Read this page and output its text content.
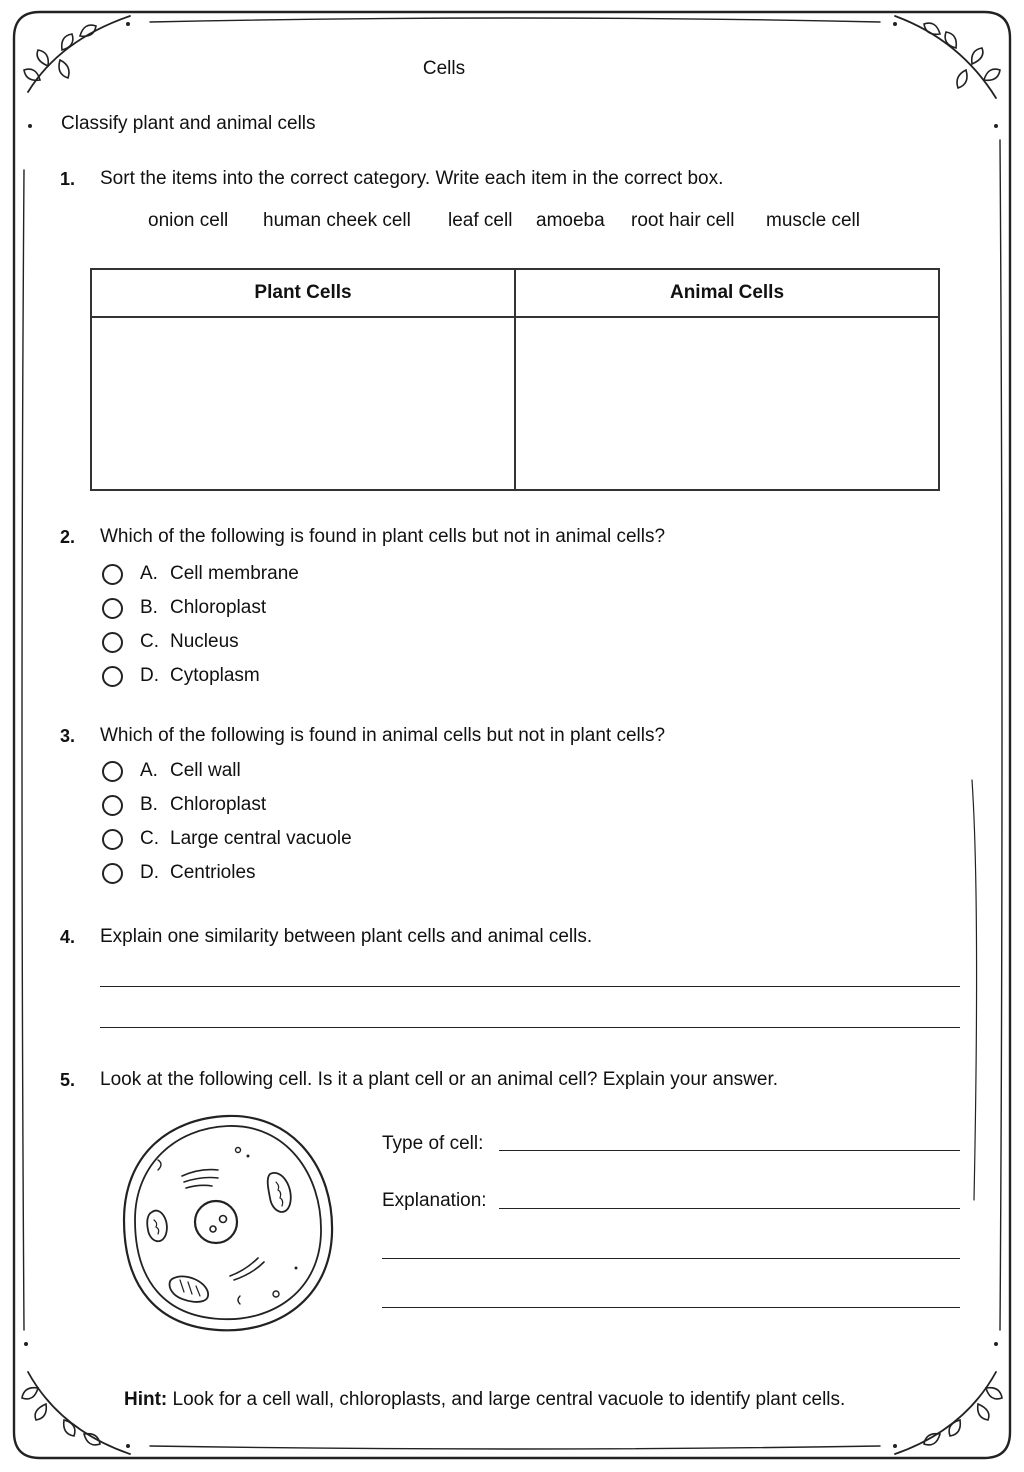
Cells
Classify plant and animal cells
1. Sort the items into the correct category. Write each item in the correct box.
onion cell human cheek cell leaf cell amoeba root hair cell muscle cell
Plant Cells	Animal Cells

2. Which of the following is found in plant cells but not in animal cells?
A. Cell membrane
B. Chloroplast
C. Nucleus
D. Cytoplasm
3. Which of the following is found in animal cells but not in plant cells?
A. Cell wall
B. Chloroplast
C. Large central vacuole
D. Centrioles
4. Explain one similarity between plant cells and animal cells.
5. Look at the following cell. Is it a plant cell or an animal cell? Explain your answer.
Type of cell:
Explanation:
Hint: Look for a cell wall, chloroplasts, and large central vacuole to identify plant cells.
